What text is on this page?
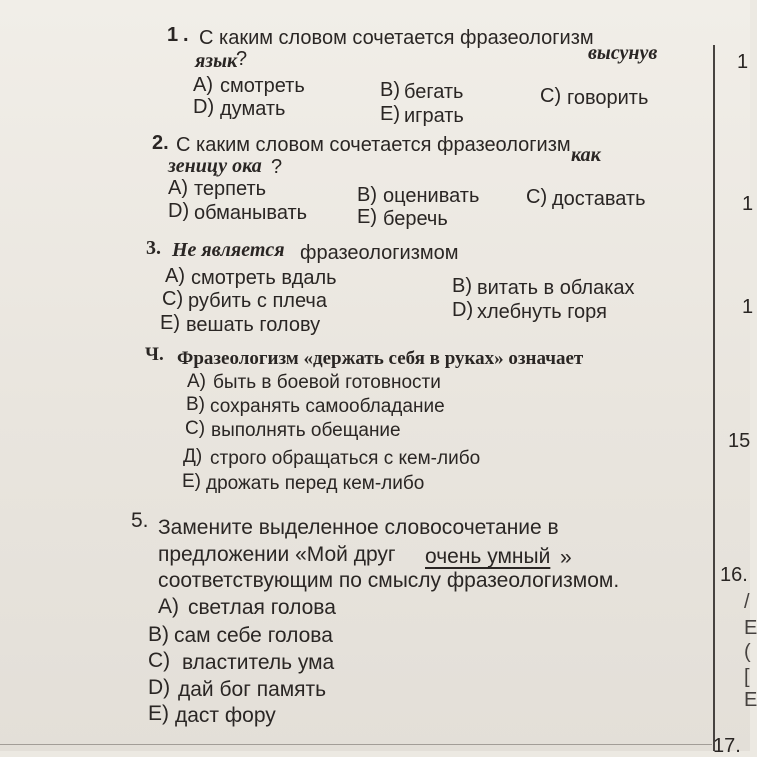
1 . С каким словом сочетается фразеологизм
высунув
язык
?
A) смотреть	B) бегать	C) говорить
D) думать	E) играть
2. С каким словом сочетается фразеологизм как
зеницу ока ?
A) терпеть	B) оценивать C) доставать
D) обманывать E) беречь
3. Не является фразеологизмом
A) смотреть вдаль	B) витать в облаках
C) рубить с плеча	D) хлебнуть горя
E) вешать голову
Ч. Фразеологизм «держать себя в руках» означает
A) быть в боевой готовности
B) сохранять самообладание
C) выполнять обещание
Д) строго обращаться с кем-либо
E) дрожать перед кем-либо
5. Замените выделенное словосочетание в
предложении «Мой друг очень умный »
соответствующим по смыслу фразеологизмом.
A) светлая голова
B) сам себе голова
C) властитель ума
D) дай бог память
E) даст фору
1
1
1
15
16.
17.
/
E
(
[
E
